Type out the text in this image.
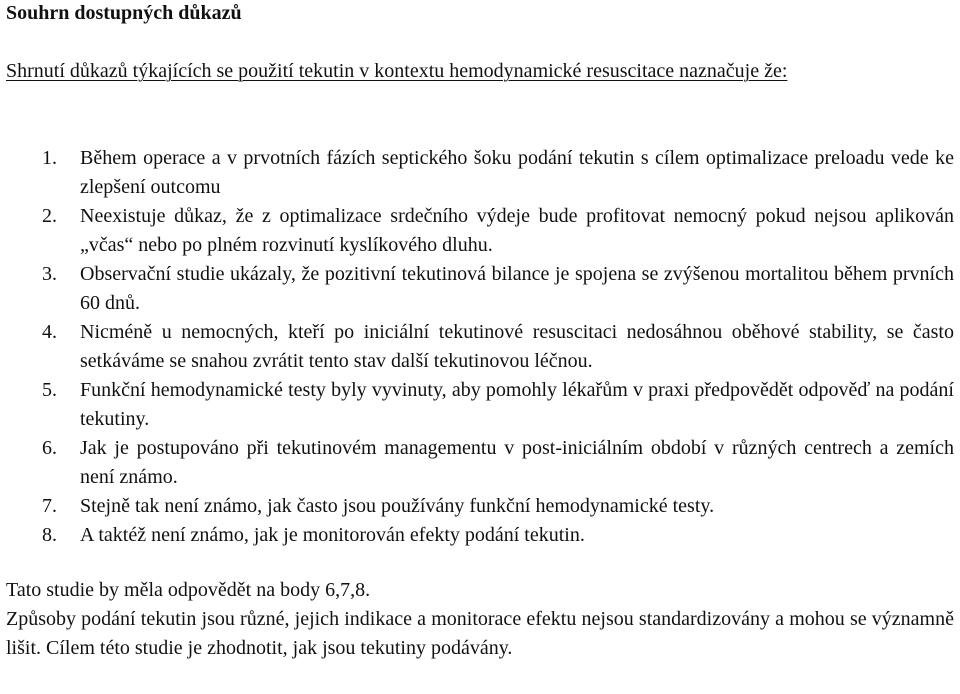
Souhrn dostupných důkazů
Shrnutí důkazů týkajících se použití tekutin v kontextu hemodynamické resuscitace naznačuje že:
1. Během operace a v prvotních fázích septického šoku podání tekutin s cílem optimalizace preloadu vede ke zlepšení outcomu
2. Neexistuje důkaz, že z optimalizace srdečního výdeje bude profitovat nemocný pokud nejsou aplikován „včas“ nebo po plném rozvinutí kyslíkového dluhu.
3. Observační studie ukázaly, že pozitivní tekutinová bilance je spojena se zvýšenou mortalitou během prvních 60 dnů.
4. Nicméně u nemocných, kteří po iniciální tekutinové resuscitaci nedosáhnou oběhové stability, se často setkáváme se snahou zvrátit tento stav další tekutinovou léčnou.
5. Funkční hemodynamické testy byly vyvinuty, aby pomohly lékařům v praxi předpovědět odpověď na podání tekutiny.
6. Jak je postupováno při tekutinovém managementu v post-iniciálním období v různých centrech a zemích není známo.
7. Stejně tak není známo, jak často jsou používány funkční hemodynamické testy.
8. A taktéž není známo, jak je monitorován efekty podání tekutin.

Tato studie by měla odpovědět na body 6,7,8.

Způsoby podání tekutin jsou různé, jejich indikace a monitorace efektu nejsou standardizovány a mohou se významně lišit. Cílem této studie je zhodnotit, jak jsou tekutiny podávány.
